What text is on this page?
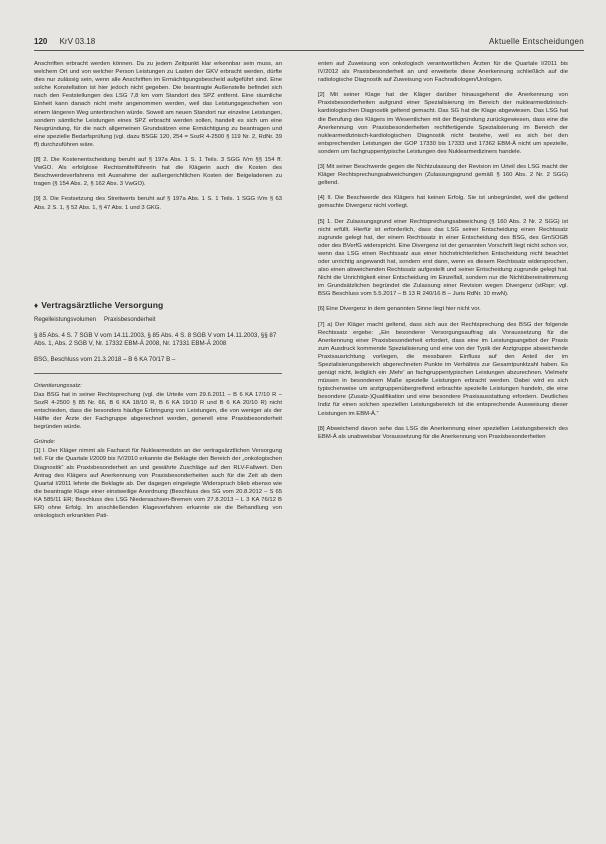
120 KrV 03.18	Aktuelle Entscheidungen

Anschriften erbracht werden können. Da zu jedem Zeitpunkt klar erkennbar sein muss, an welchem Ort und von welcher Person Leistungen zu Lasten der GKV erbracht werden, dürfte dies nur zulässig sein, wenn alle Anschriften im Ermächtigungsbescheid aufgeführt sind. Eine solche Konstellation ist hier jedoch nicht gegeben. Die beantragte Außenstelle befindet sich nach den Feststellungen des LSG 7,8 km vom Standort des SPZ entfernt. Eine räumliche Einheit kann danach nicht mehr angenommen werden, weil das Leistungsgeschehen von einem längeren Weg unterbrochen würde. Soweit am neuen Standort nur einzelne Leistungen, sondern sämtliche Leistungen eines SPZ erbracht werden sollen, handelt es sich um eine Neugründung, für die nach allgemeinen Grundsätzen eine Ermächtigung zu beantragen und eine spezielle Bedarfsprüfung (vgl. dazu BSGE 120, 254 = SozR 4-2500 § 119 Nr. 2, RdNr. 39 ff) durchzuführen wäre.

[8] 2. Die Kostenentscheidung beruht auf § 197a Abs. 1 S. 1 Teils. 3 SGG iVm §§ 154 ff. VwGO. Als erfolglose Rechtsmittelführerin hat die Klägerin auch die Kosten des Beschwerdeverfahrens mit Ausnahme der außergerichtlichen Kosten der Beigeladenen zu tragen (§ 154 Abs. 2, § 162 Abs. 3 VwGO).

[9] 3. Die Festsetzung des Streitwerts beruht auf § 197a Abs. 1 S. 1 Teils. 1 SGG iVm § 63 Abs. 2 S. 1, § 52 Abs. 1, § 47 Abs. 1 und 3 GKG.

♦ Vertragsärztliche Versorgung
Regelleistungsvolumen Praxisbesonderheit
§ 85 Abs. 4 S. 7 SGB V vom 14.11.2003, § 85 Abs. 4 S. 8 SGB V vom 14.11.2003, §§ 87 Abs. 1, Abs. 2 SGB V, Nr. 17332 EBM-Ä 2008, Nr. 17331 EBM-Ä 2008
BSG, Beschluss vom 21.3.2018 – B 6 KA 70/17 B –
Orientierungssatz:

Das BSG hat in seiner Rechtsprechung (vgl. die Urteile vom 29.6.2011 – B 6 KA 17/10 R – SozR 4-2500 § 85 Nr. 66, B 6 KA 18/10 R, B 6 KA 19/10 R und B 6 KA 20/10 R) nicht entschieden, dass die besonders häufige Erbringung von Leistungen, die von weniger als der Hälfte der Ärzte der Fachgruppe abgerechnet werden, generell eine Praxisbesonderheit begründen würde.

Gründe:

[1] I. Der Kläger nimmt als Facharzt für Nuklearmedizin an der vertragsärztlichen Versorgung teil. Für die Quartale I/2009 bis IV/2010 erkannte die Beklagte den Bereich der „onkologischen Diagnostik“ als Praxisbesonderheit an und gewährte Zuschläge auf den RLV-Fallwert. Den Antrag des Klägers auf Anerkennung von Praxisbesonderheiten auch für die Zeit ab dem Quartal I/2011 lehnte die Beklagte ab. Der dagegen eingelegte Widerspruch blieb ebenso wie die beantragte Klage einer einstweilige Anordnung (Beschluss des SG vom 20.8.2012 – S 65 KA 585/11 ER; Beschluss des LSG Niedersachsen-Bremen vom 27.8.2013 – L 3 KA 76/12 B ER) ohne Erfolg. Im anschließenden Klageverfahren erkannte sie die Behandlung von onkologisch erkrankten Pati-

enten auf Zuweisung von onkologisch verantwortlichen Ärzten für die Quartale I/2011 bis IV/2012 als Praxisbesonderheit an und erweiterte diese Anerkennung schließlich auf die radiologische Diagnostik auf Zuweisung von Fachradiologen/Urologen.

[2] Mit seiner Klage hat der Kläger darüber hinausgehend die Anerkennung von Praxisbesonderheiten aufgrund einer Spezialisierung im Bereich der nuklearmedizinisch-kardiologischen Diagnostik geltend gemacht. Das SG hat die Klage abgewiesen. Das LSG hat die Berufung des Klägers im Wesentlichen mit der Begründung zurückgewiesen, dass eine die Anerkennung von Praxisbesonderheiten rechtfertigende Spezialisierung im Bereich der nuklearmedizinisch-kardiologischen Diagnostik nicht bestehe, weil es sich bei den entsprechenden Leistungen der GOP 17330 bis 17333 und 17362 EBM-Ä nicht um spezielle, sondern um fachgruppentypische Leistungen des Nuklearmediziners handele.

[3] Mit seiner Beschwerde gegen die Nichtzulassung der Revision im Urteil des LSG macht der Kläger Rechtsprechungsabweichungen (Zulassungsgrund gemäß § 160 Abs. 2 Nr. 2 SGG) geltend.

[4] II. Die Beschwerde des Klägers hat keinen Erfolg. Sie ist unbegründet, weil die geltend gemachte Divergenz nicht vorliegt.

[5] 1. Der Zulassungsgrund einer Rechtsprechungsabweichung (§ 160 Abs. 2 Nr. 2 SGG) ist nicht erfüllt. Hierfür ist erforderlich, dass das LSG seiner Entscheidung einen Rechtssatz zugrunde gelegt hat, der einem Rechtssatz in einer Entscheidung des BSG, des GmSOGB oder des BVerfG widerspricht. Eine Divergenz ist der genannten Vorschrift liegt nicht schon vor, wenn das LSG einen Rechtssatz aus einer höchstrichterlichen Entscheidung nicht beachtet oder unrichtig angewandt hat, sondern erst dann, wenn es diesem Rechtssatz widersprochen, also einen abweichenden Rechtssatz aufgestellt und seiner Entscheidung zugrunde gelegt hat. Nicht die Unrichtigkeit einer Entscheidung im Einzelfall, sondern nur die Nichtübereinstimmung im Grundsätzlichen begründet die Zulassung einer Revision wegen Divergenz (stRspr; vgl. BSG Beschluss vom 5.5.2017 – B 13 R 240/16 B – Juris RdNr. 10 mwN).

[6] Eine Divergenz in dem genannten Sinne liegt hier nicht vor.

[7] a) Der Kläger macht geltend, dass sich aus der Rechtsprechung des BSG der folgende Rechtssatz ergebe: „Ein besonderer Versorgungsauftrag als Voraussetzung für die Anerkennung einer Praxisbesonderheit erfordert, dass eine im Leistungsangebot der Praxis zum Ausdruck kommende Spezialisierung und eine von der Typik der Arztgruppe abweichende Praxisausrichtung vorliegen, die messbaren Einfluss auf den Anteil der im Spezialisierungsbereich abgerechneten Punkte im Verhältnis zur Gesamtpunktzahl haben. Es genügt nicht, lediglich ein ‚Mehr‘ an fachgruppentypischen Leistungen abzurechnen. Vielmehr müssen in besonderem Maße spezielle Leistungen erbracht werden. Dabei wird es sich typischerweise um arztgruppenübergreifend erbrachte spezielle Leistungen handeln, die eine besondere (Zusatz-)Qualifikation und eine besondere Praxisausstattung erfordern. Deutliches Indiz für einen solchen speziellen Leistungsbereich ist die entsprechende Ausweisung dieser Leistungen im EBM-Ä.“

[8] Abweichend davon sehe das LSG die Anerkennung einer speziellen Leistungsbereich des EBM-Ä als unabweisbar Voraussetzung für die Anerkennung von Praxisbesonderheiten
